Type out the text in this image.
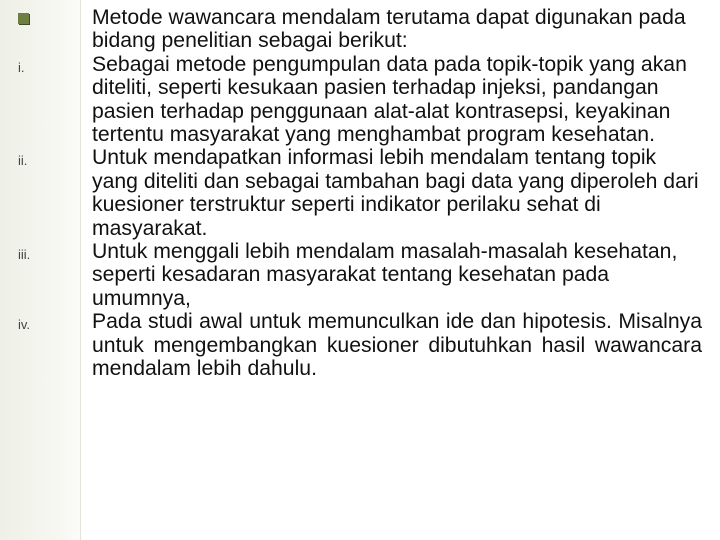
Metode wawancara mendalam terutama dapat digunakan pada bidang penelitian sebagai berikut:
i.	Sebagai metode pengumpulan data pada topik-topik yang akan diteliti, seperti kesukaan pasien terhadap injeksi, pandangan pasien terhadap penggunaan alat-alat kontrasepsi, keyakinan tertentu masyarakat yang menghambat program kesehatan.
ii.	Untuk mendapatkan informasi lebih mendalam tentang topik yang diteliti dan sebagai tambahan bagi data yang diperoleh dari kuesioner terstruktur seperti indikator perilaku sehat di masyarakat.
iii.	Untuk menggali lebih mendalam masalah-masalah kesehatan, seperti kesadaran masyarakat tentang kesehatan pada umumnya,
iv.	Pada studi awal untuk memunculkan ide dan hipotesis. Misalnya untuk mengembangkan kuesioner dibutuhkan hasil wawancara mendalam lebih dahulu.
